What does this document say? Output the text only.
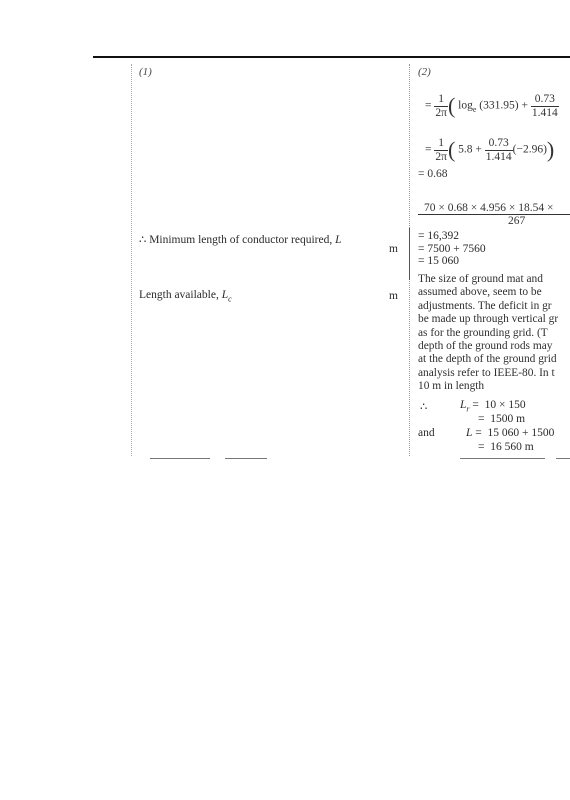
(1)	(2)
= $\frac{1}{2\pi}$ ( $\log_e (331.95) + \frac{0.73}{1.414}$
= $\frac{1}{2\pi}$ ( $5.8 + \frac{0.73}{1.414} (-2.96)$)
= 0.68
$\frac{70 \times 0.68 \times 4.956 \times 18.54 \times}{267}$
∴ Minimum length of conductor required, L
m
= 16,392
= 7500 + 7560
= 15 060
Length available, $L_c$	m
The size of ground mat and
assumed above, seem to be
adjustments. The deficit in gr
be made up through vertical gr
as for the grounding grid. (T
depth of the ground rods may
at the depth of the ground grid
analysis refer to IEEE-80. In t
10 m in length
∴	$L_r = 10 \times 150$
= 1500 m
and	L = 15 060 + 1500
= 16 560 m
